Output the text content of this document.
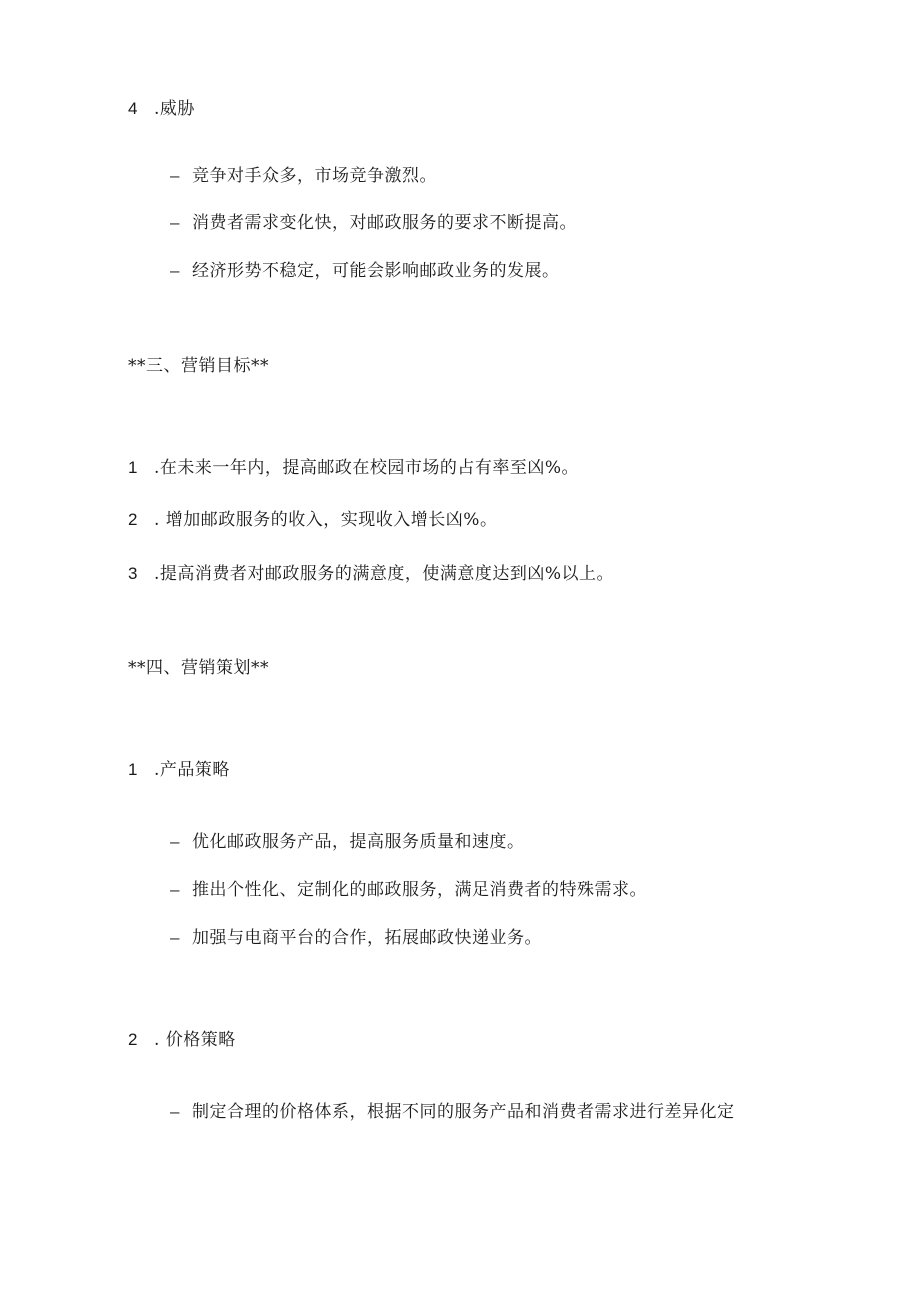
4 .威胁
– 竞争对手众多，市场竞争激烈。
– 消费者需求变化快，对邮政服务的要求不断提高。
– 经济形势不稳定，可能会影响邮政业务的发展。
**三、营销目标**
1 .在未来一年内，提高邮政在校园市场的占有率至凶%。
2 . 增加邮政服务的收入，实现收入增长凶%。
3 .提高消费者对邮政服务的满意度，使满意度达到凶%以上。
**四、营销策划**
1 .产品策略
– 优化邮政服务产品，提高服务质量和速度。
– 推出个性化、定制化的邮政服务，满足消费者的特殊需求。
– 加强与电商平台的合作，拓展邮政快递业务。
2 . 价格策略
– 制定合理的价格体系，根据不同的服务产品和消费者需求进行差异化定
